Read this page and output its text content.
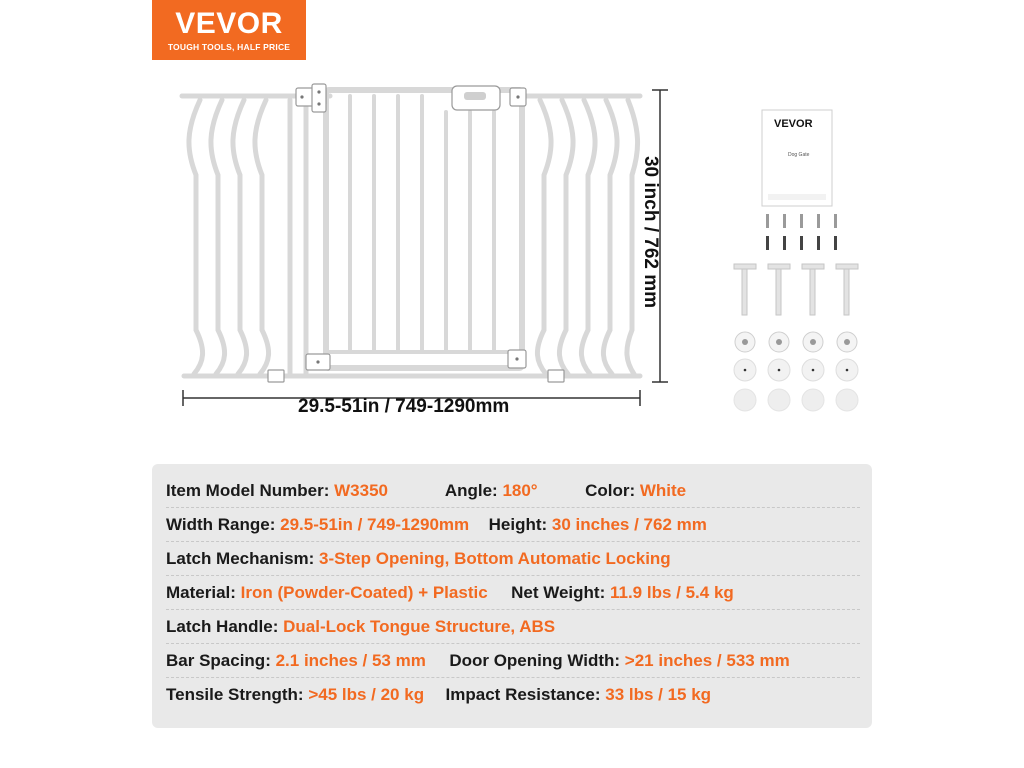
VEVOR
TOUGH TOOLS, HALF PRICE
VEVOR
Dog Gate
29.5-51in / 749-1290mm
30 inch / 762 mm
Item Model Number: W3350	Angle: 180°	Color: White
Width Range: 29.5-51in / 749-1290mm Height: 30 inches / 762 mm
Latch Mechanism: 3-Step Opening, Bottom Automatic Locking
Material: Iron (Powder-Coated) + Plastic Net Weight: 11.9 lbs / 5.4 kg
Latch Handle: Dual-Lock Tongue Structure, ABS
Bar Spacing: 2.1 inches / 53 mm Door Opening Width: >21 inches / 533 mm
Tensile Strength: >45 lbs / 20 kg Impact Resistance: 33 lbs / 15 kg
